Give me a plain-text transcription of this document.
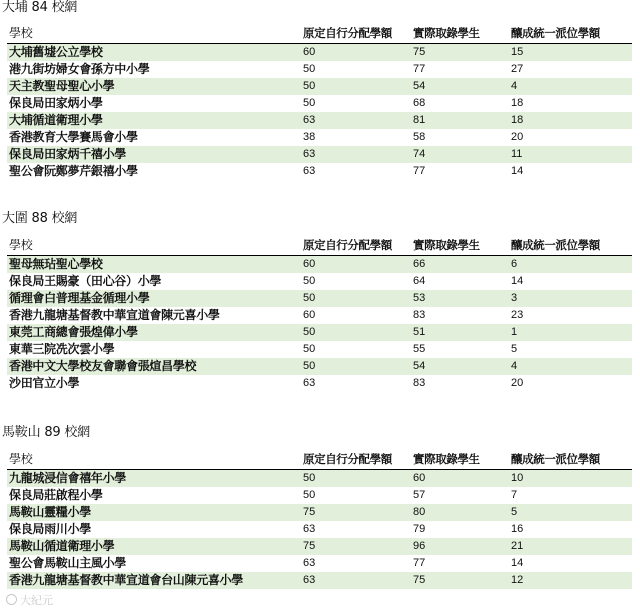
大埔 84 校網
學校	原定自行分配學額	實際取錄學生	釀成統一派位學額
大埔舊墟公立學校	60	75	15
港九街坊婦女會孫方中小學	50	77	27
天主教聖母聖心小學	50	54	4
保良局田家炳小學	50	68	18
大埔循道衛理小學	63	81	18
香港教育大學賽馬會小學	38	58	20
保良局田家炳千禧小學	63	74	11
聖公會阮鄭夢芹銀禧小學	63	77	14
大圍 88 校網
學校	原定自行分配學額	實際取錄學生	釀成統一派位學額
聖母無玷聖心學校	60	66	6
保良局王賜豪（田心谷）小學	50	64	14
循理會白普理基金循理小學	50	53	3
香港九龍塘基督教中華宣道會陳元喜小學	60	83	23
東莞工商總會張煌偉小學	50	51	1
東華三院冼次雲小學	50	55	5
香港中文大學校友會聯會張煊昌學校	50	54	4
沙田官立小學	63	83	20
馬鞍山 89 校網
學校	原定自行分配學額	實際取錄學生	釀成統一派位學額
九龍城浸信會禧年小學	50	60	10
保良局莊啟程小學	50	57	7
馬鞍山靈糧小學	75	80	5
保良局雨川小學	63	79	16
馬鞍山循道衛理小學	75	96	21
聖公會馬鞍山主風小學	63	77	14
香港九龍塘基督教中華宣道會台山陳元喜小學	63	75	12
大紀元
